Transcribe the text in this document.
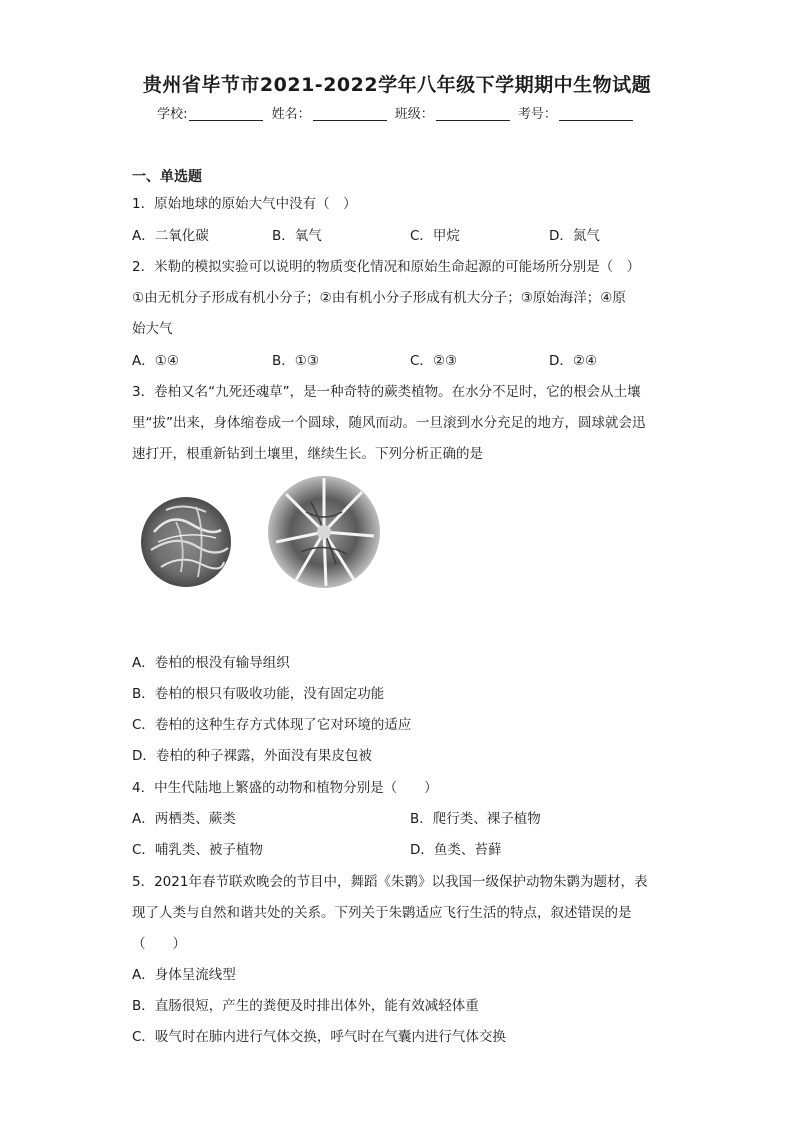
贵州省毕节市2021-2022学年八年级下学期期中生物试题
学校:	姓名：	班级：	考号：
一、单选题
1．原始地球的原始大气中没有（　）
A．二氧化碳	B．氧气	C．甲烷	D．氮气
2．米勒的模拟实验可以说明的物质变化情况和原始生命起源的可能场所分别是（　）
①由无机分子形成有机小分子；②由有机小分子形成有机大分子；③原始海洋；④原
始大气
A．①④	B．①③	C．②③	D．②④
3．卷柏又名“九死还魂草”，是一种奇特的蕨类植物。在水分不足时，它的根会从土壤
里“拔”出来，身体缩卷成一个圆球，随风而动。一旦滚到水分充足的地方，圆球就会迅
速打开，根重新钻到土壤里，继续生长。下列分析正确的是
A．卷柏的根没有输导组织
B．卷柏的根只有吸收功能，没有固定功能
C．卷柏的这种生存方式体现了它对环境的适应
D．卷柏的种子裸露，外面没有果皮包被
4．中生代陆地上繁盛的动物和植物分别是（　　）
A．两栖类、蕨类	B．爬行类、裸子植物
C．哺乳类、被子植物	D．鱼类、苔藓
5．2021年春节联欢晚会的节目中，舞蹈《朱鹮》以我国一级保护动物朱鹮为题材，表
现了人类与自然和谐共处的关系。下列关于朱鹮适应飞行生活的特点，叙述错误的是
（　　）
A．身体呈流线型
B．直肠很短，产生的粪便及时排出体外，能有效减轻体重
C．吸气时在肺内进行气体交换，呼气时在气囊内进行气体交换
